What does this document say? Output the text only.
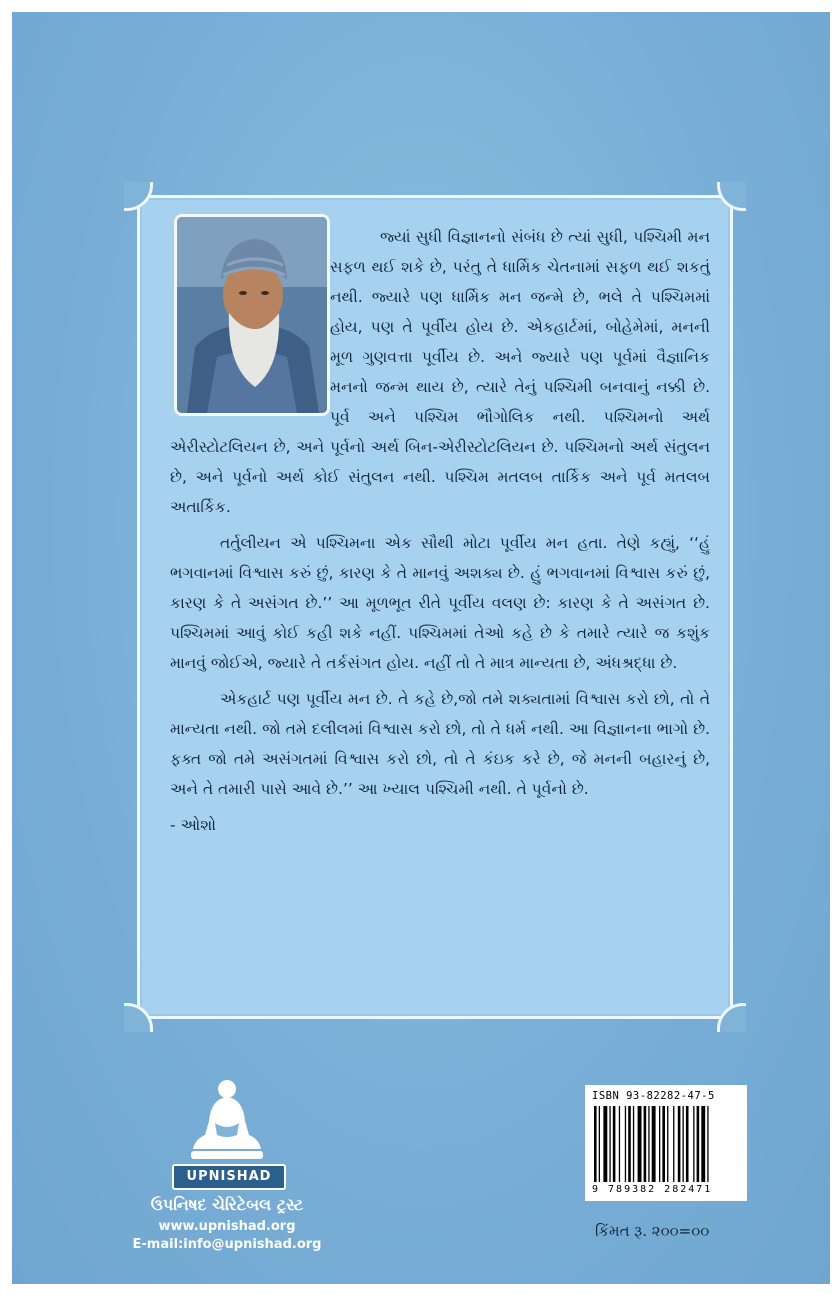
જ્યાં સુધી વિજ્ઞાનનો સંબંધ છે ત્યાં સુધી, પશ્ચિમી મન સફળ થઈ શકે છે, પરંતુ તે ધાર્મિક ચેતનામાં સફળ થઈ શકતું નથી. જ્યારે પણ ધાર્મિક મન જન્મે છે, ભલે તે પશ્ચિમમાં હોય, પણ તે પૂર્વીય હોય છે. એકહાર્ટમાં, બોહેમેમાં, મનની મૂળ ગુણવત્તા પૂર્વીય છે. અને જ્યારે પણ પૂર્વમાં વૈજ્ઞાનિક મનનો જન્મ થાય છે, ત્યારે તેનું પશ્ચિમી બનવાનું નક્કી છે. પૂર્વ અને પશ્ચિમ ભૌગોલિક નથી. પશ્ચિમનો અર્થ એરીસ્ટોટલિયન છે, અને પૂર્વનો અર્થ બિન-એરીસ્ટોટલિયન છે. પશ્ચિમનો અર્થ સંતુલન છે, અને પૂર્વનો અર્થ કોઈ સંતુલન નથી. પશ્ચિમ મતલબ તાર્કિક અને પૂર્વ મતલબ અતાર્કિક.

તર્તુલીયન એ પશ્ચિમના એક સૌથી મોટા પૂર્વીય મન હતા. તેણે કહ્યું, ‘‘હું ભગવાનમાં વિશ્વાસ કરું છું, કારણ કે તે માનવું અશક્ય છે. હું ભગવાનમાં વિશ્વાસ કરું છું, કારણ કે તે અસંગત છે.’’ આ મૂળભૂત રીતે પૂર્વીય વલણ છે: કારણ કે તે અસંગત છે. પશ્ચિમમાં આવું કોઈ કહી શકે નહીં. પશ્ચિમમાં તેઓ કહે છે કે તમારે ત્યારે જ કશુંક માનવું જોઈએ, જ્યારે તે તર્કસંગત હોય. નહીં તો તે માત્ર માન્યતા છે, અંધશ્રદ્ધા છે.

એકહાર્ટ પણ પૂર્વીય મન છે. તે કહે છે,જો તમે શક્યતામાં વિશ્વાસ કરો છો, તો તે માન્યતા નથી. જો તમે દલીલમાં વિશ્વાસ કરો છો, તો તે ધર્મ નથી. આ વિજ્ઞાનના ભાગો છે. ફક્ત જો તમે અસંગતમાં વિશ્વાસ કરો છો, તો તે કંઇક કરે છે, જે મનની બહારનું છે, અને તે તમારી પાસે આવે છે.’’ આ ખ્યાલ પશ્ચિમી નથી. તે પૂર્વનો છે.

- ઓશો

UPNISHAD
ઉપનિષદ ચેરિટેબલ ટ્રસ્ટ
www.upnishad.org
E-mail:info@upnishad.org
ISBN 93-82282-47-5
9 789382 282471
કિંમત રૂ. ૨૦૦=૦૦
